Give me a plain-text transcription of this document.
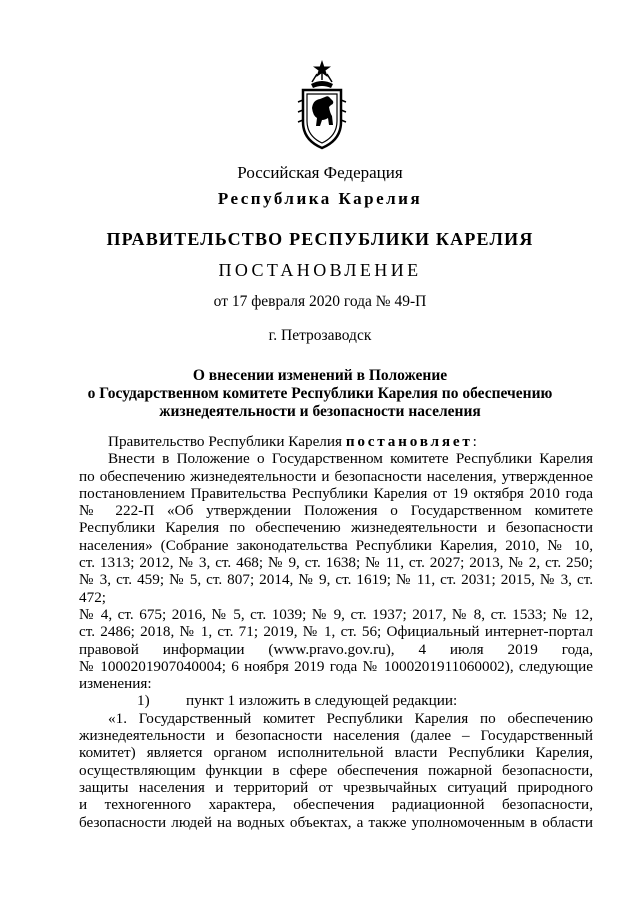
Российская Федерация
Республика Карелия
ПРАВИТЕЛЬСТВО РЕСПУБЛИКИ КАРЕЛИЯ
ПОСТАНОВЛЕНИЕ
от 17 февраля 2020 года № 49-П
г. Петрозаводск
О внесении изменений в Положение
о Государственном комитете Республики Карелия по обеспечению
жизнедеятельности и безопасности населения

Правительство Республики Карелия постановляет:

Внести в Положение о Государственном комитете Республики Карелия

по обеспечению жизнедеятельности и безопасности населения, утвержденное

постановлением Правительства Республики Карелия от 19 октября 2010 года

№ 222-П «Об утверждении Положения о Государственном комитете

Республики Карелия по обеспечению жизнедеятельности и безопасности

населения» (Собрание законодательства Республики Карелия, 2010, № 10,

ст. 1313; 2012, № 3, ст. 468; № 9, ст. 1638; № 11, ст. 2027; 2013, № 2, ст. 250;

№ 3, ст. 459; № 5, ст. 807; 2014, № 9, ст. 1619; № 11, ст. 2031; 2015, № 3, ст. 472;

№ 4, ст. 675; 2016, № 5, ст. 1039; № 9, ст. 1937; 2017, № 8, ст. 1533; № 12,

ст. 2486; 2018, № 1, ст. 71; 2019, № 1, ст. 56; Официальный интернет-портал

правовой информации (www.pravo.gov.ru), 4 июля 2019 года,

№ 1000201907040004; 6 ноября 2019 года № 1000201911060002), следующие

изменения:

1) пункт 1 изложить в следующей редакции:

«1. Государственный комитет Республики Карелия по обеспечению

жизнедеятельности и безопасности населения (далее – Государственный

комитет) является органом исполнительной власти Республики Карелия,

осуществляющим функции в сфере обеспечения пожарной безопасности,

защиты населения и территорий от чрезвычайных ситуаций природного

и техногенного характера, обеспечения радиационной безопасности,

безопасности людей на водных объектах, а также уполномоченным в области
